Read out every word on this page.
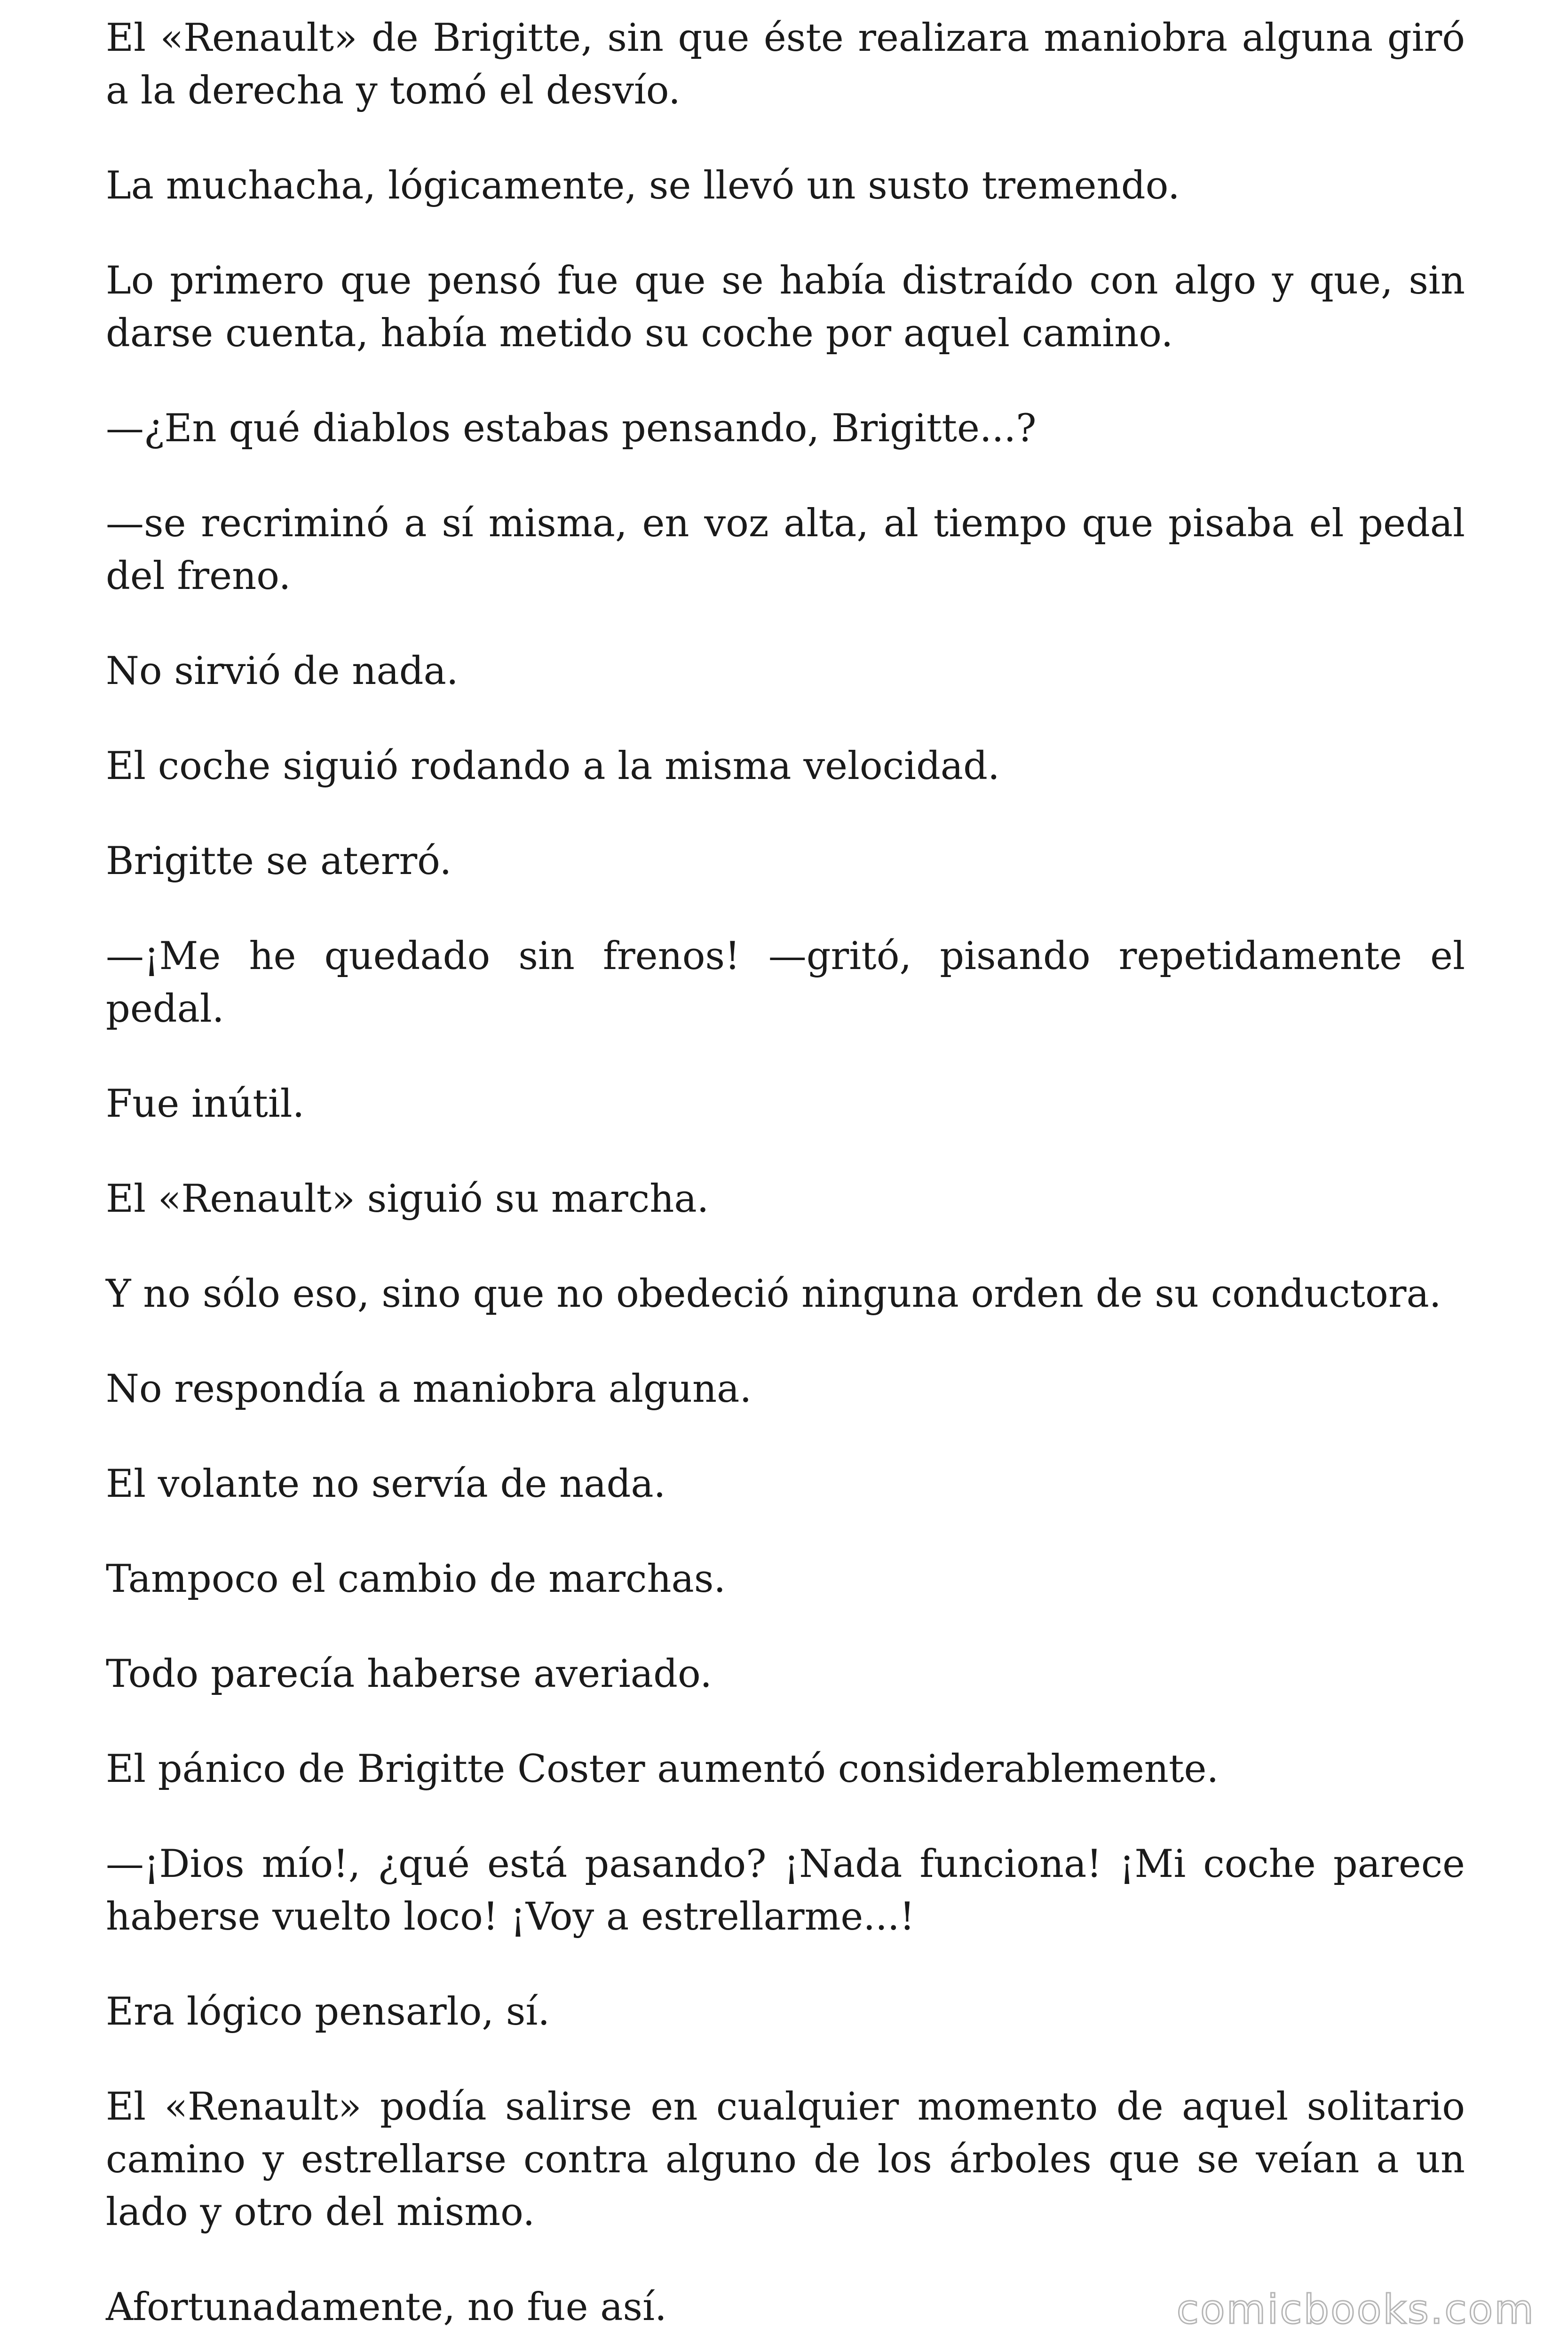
El «Renault» de Brigitte, sin que éste realizara maniobra alguna giró a la derecha y tomó el desvío.

La muchacha, lógicamente, se llevó un susto tremendo.

Lo primero que pensó fue que se había distraído con algo y que, sin darse cuenta, había metido su coche por aquel camino.

—¿En qué diablos estabas pensando, Brigitte...?

—se recriminó a sí misma, en voz alta, al tiempo que pisaba el pedal del freno.

No sirvió de nada.

El coche siguió rodando a la misma velocidad.

Brigitte se aterró.

—¡Me he quedado sin frenos! —gritó, pisando repetidamente el pedal.

Fue inútil.

El «Renault» siguió su marcha.

Y no sólo eso, sino que no obedeció ninguna orden de su conductora.

No respondía a maniobra alguna.

El volante no servía de nada.

Tampoco el cambio de marchas.

Todo parecía haberse averiado.

El pánico de Brigitte Coster aumentó considerablemente.

—¡Dios mío!, ¿qué está pasando? ¡Nada funciona! ¡Mi coche parece haberse vuelto loco! ¡Voy a estrellarme...!

Era lógico pensarlo, sí.

El «Renault» podía salirse en cualquier momento de aquel solitario camino y estrellarse contra alguno de los árboles que se veían a un lado y otro del mismo.

Afortunadamente, no fue así.	comicbooks.com
